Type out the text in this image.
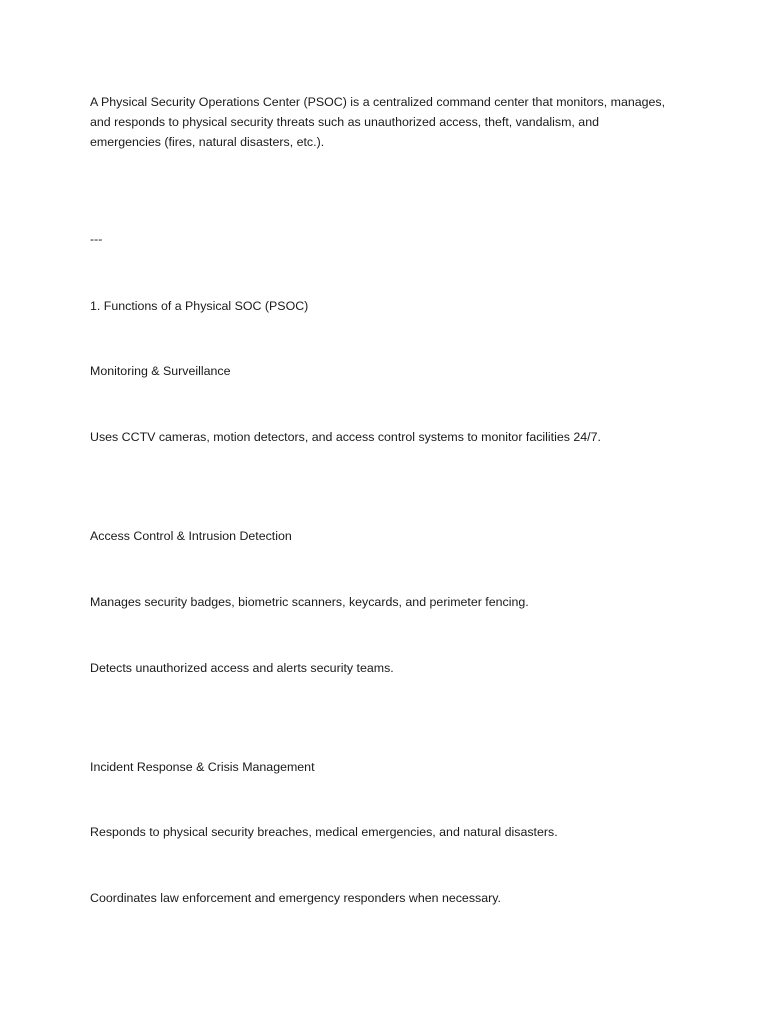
A Physical Security Operations Center (PSOC) is a centralized command center that monitors, manages,
and responds to physical security threats such as unauthorized access, theft, vandalism, and
emergencies (fires, natural disasters, etc.).

---

1. Functions of a Physical SOC (PSOC)

Monitoring & Surveillance

Uses CCTV cameras, motion detectors, and access control systems to monitor facilities 24/7.

Access Control & Intrusion Detection

Manages security badges, biometric scanners, keycards, and perimeter fencing.

Detects unauthorized access and alerts security teams.

Incident Response & Crisis Management

Responds to physical security breaches, medical emergencies, and natural disasters.

Coordinates law enforcement and emergency responders when necessary.
